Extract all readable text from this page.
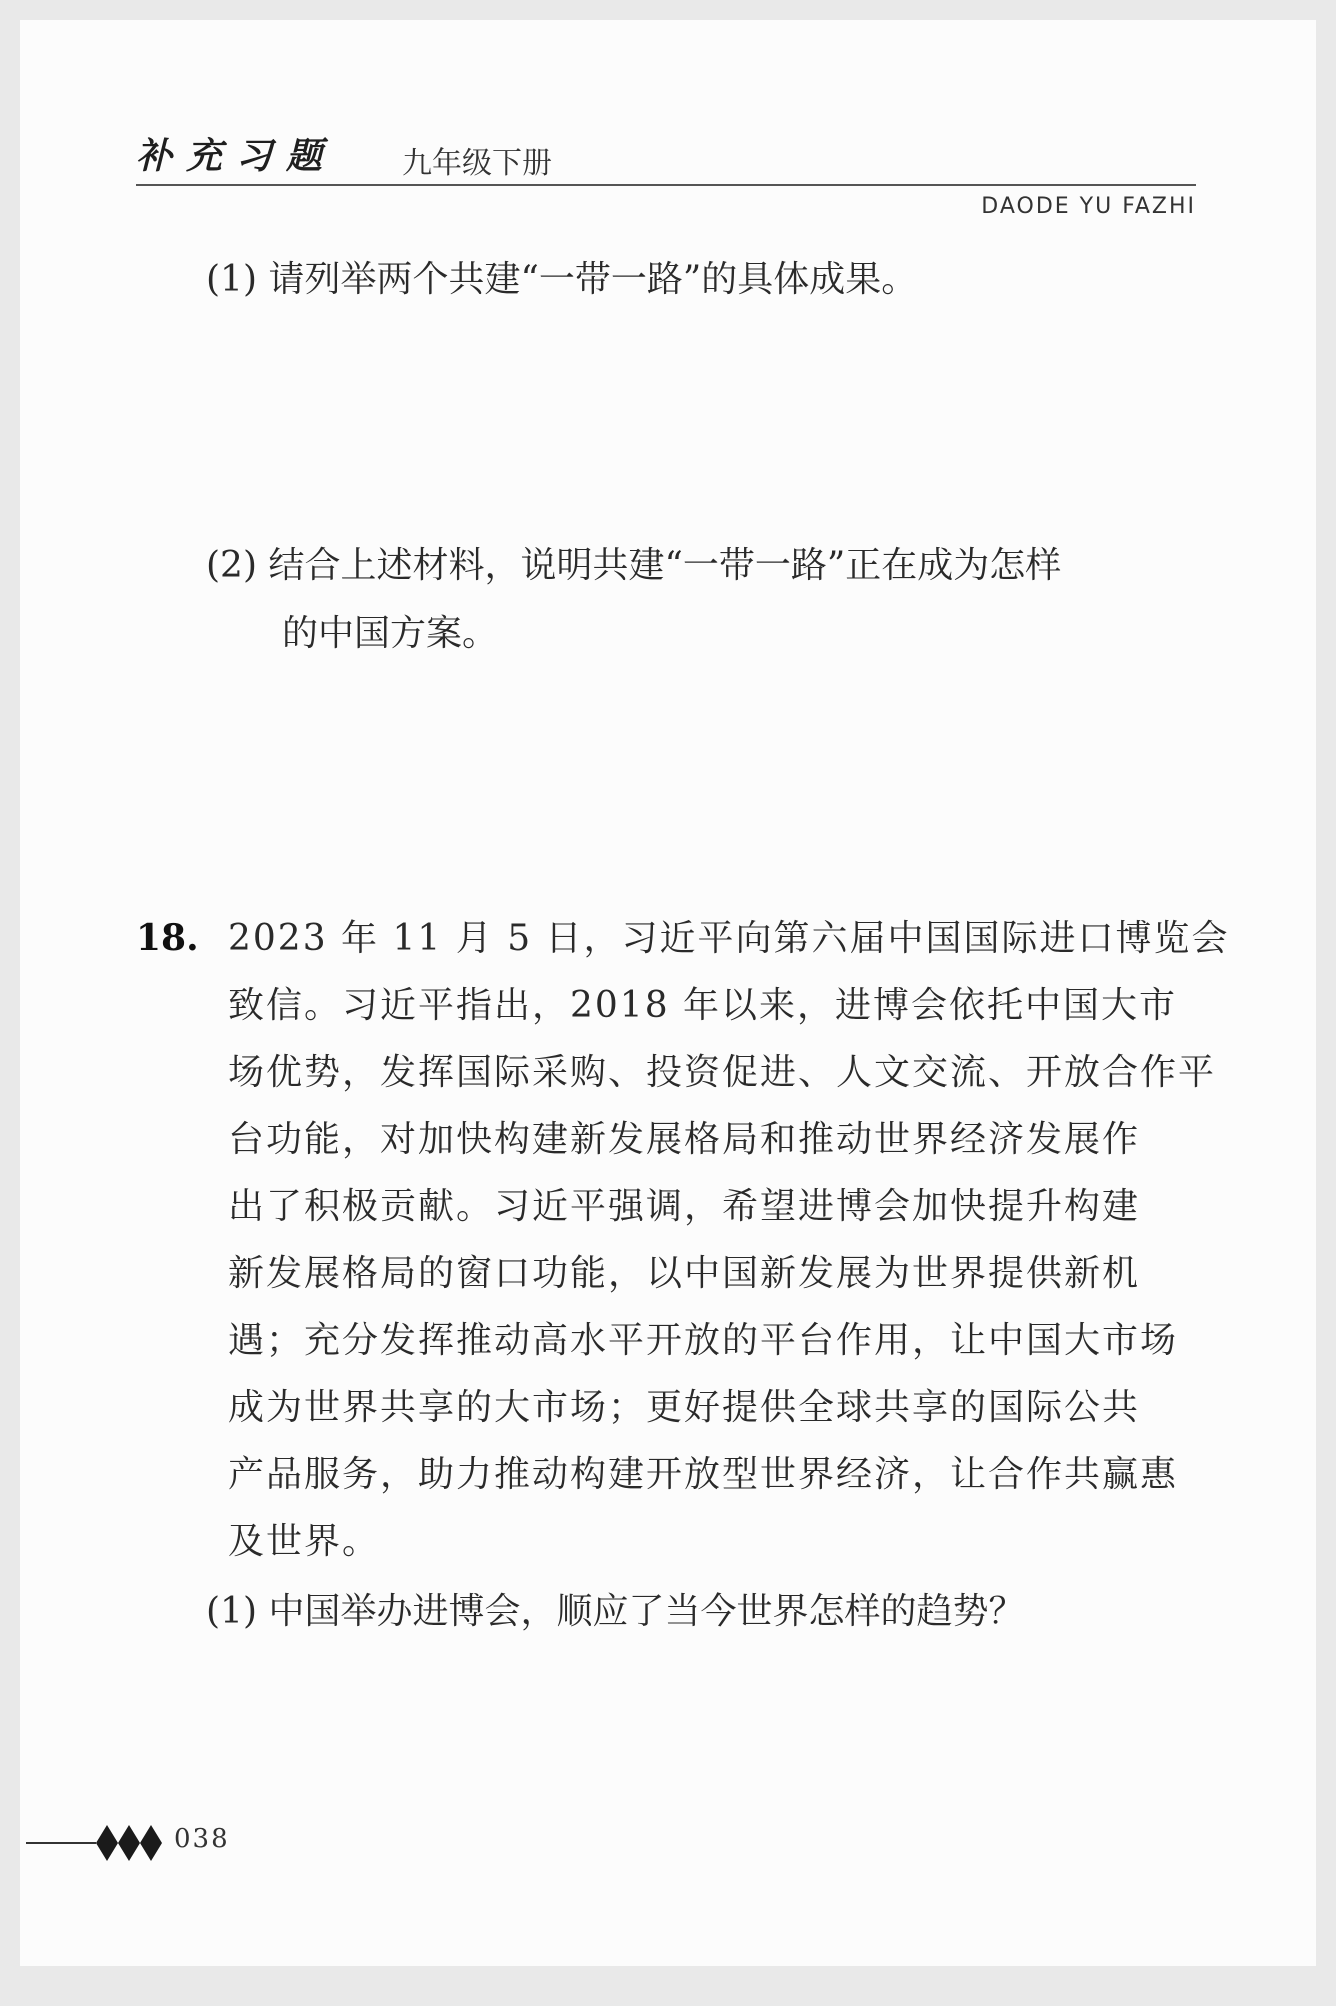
补充习题 九年级下册
DAODE YU FAZHI
(1) 请列举两个共建“一带一路”的具体成果。
(2) 结合上述材料，说明共建“一带一路”正在成为怎样
的中国方案。
18. 2023 年 11 月 5 日，习近平向第六届中国国际进口博览会
致信。习近平指出，2018 年以来，进博会依托中国大市
场优势，发挥国际采购、投资促进、人文交流、开放合作平
台功能，对加快构建新发展格局和推动世界经济发展作
出了积极贡献。习近平强调，希望进博会加快提升构建
新发展格局的窗口功能，以中国新发展为世界提供新机
遇；充分发挥推动高水平开放的平台作用，让中国大市场
成为世界共享的大市场；更好提供全球共享的国际公共
产品服务，助力推动构建开放型世界经济，让合作共赢惠
及世界。
(1) 中国举办进博会，顺应了当今世界怎样的趋势？
038
